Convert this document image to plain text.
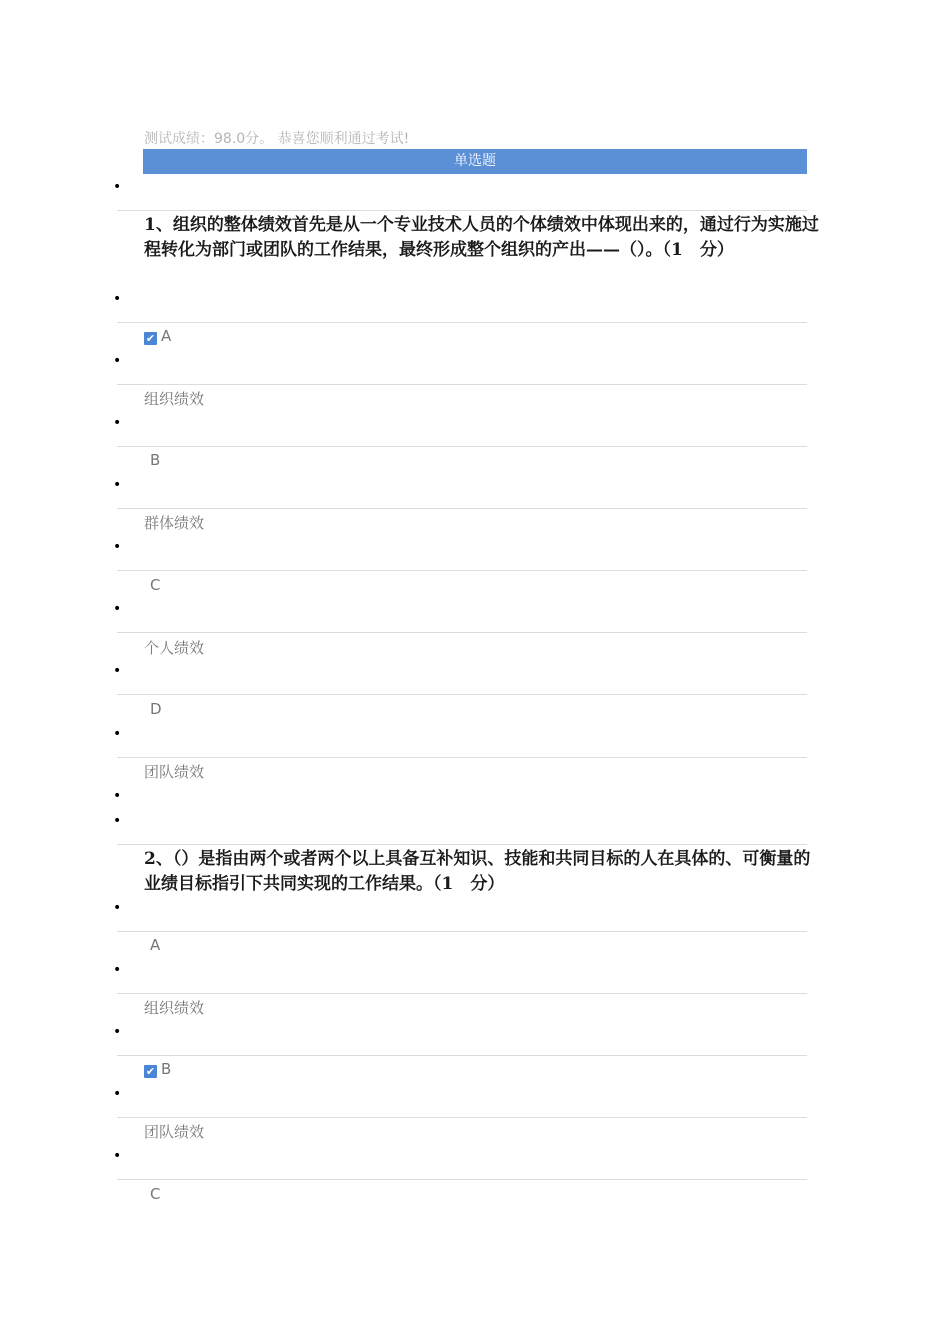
测试成绩：98.0分。 恭喜您顺利通过考试!
单选题
•
1、组织的整体绩效首先是从一个专业技术人员的个体绩效中体现出来的，通过行为实施过程转化为部门或团队的工作结果，最终形成整个组织的产出——（）。（1　分）
•
✔ A
•
组织绩效
•
B
•
群体绩效
•
C
•
个人绩效
•
D
•
团队绩效
•
•
2、（）是指由两个或者两个以上具备互补知识、技能和共同目标的人在具体的、可衡量的业绩目标指引下共同实现的工作结果。（1　分）
•
A
•
组织绩效
•
✔ B
•
团队绩效
•
C
